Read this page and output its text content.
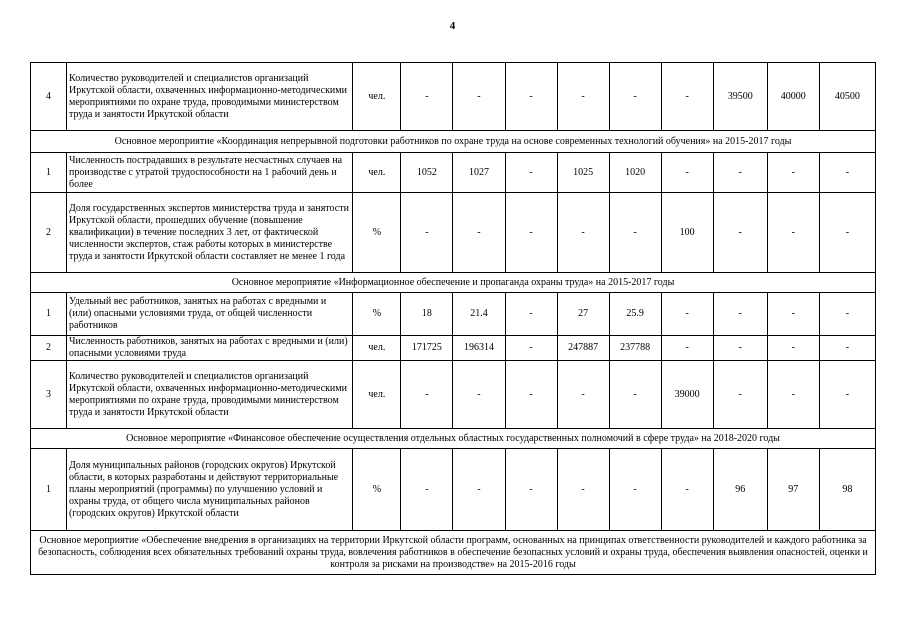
4
4	Количество руководителей и специалистов организаций Иркутской области, охваченных информационно-методическими мероприятиями по охране труда, проводимыми министерством труда и занятости Иркутской области	чел.	-	-	-	-	-	-	39500	40000	40500
Основное мероприятие «Координация непрерывной подготовки работников по охране труда на основе современных технологий обучения» на 2015-2017 годы											
1	Численность пострадавших в результате несчастных случаев на производстве с утратой трудоспособности на 1 рабочий день и более	чел.	1052	1027	-	1025	1020	-	-	-	-
2	Доля государственных экспертов министерства труда и занятости Иркутской области, прошедших обучение (повышение квалификации) в течение последних 3 лет, от фактической численности экспертов, стаж работы которых в министерстве труда и занятости Иркутской области составляет не менее 1 года	%	-	-	-	-	-	100	-	-	-
Основное мероприятие «Информационное обеспечение и пропаганда охраны труда» на 2015-2017 годы											
1	Удельный вес работников, занятых на работах с вредными и (или) опасными условиями труда, от общей численности работников	%	18	21.4	-	27	25.9	-	-	-	-
2	Численность работников, занятых на работах с вредными и (или) опасными условиями труда	чел.	171725	196314	-	247887	237788	-	-	-	-
3	Количество руководителей и специалистов организаций Иркутской области, охваченных информационно-методическими мероприятиями по охране труда, проводимыми министерством труда и занятости Иркутской области	чел.	-	-	-	-	-	39000	-	-	-
Основное мероприятие «Финансовое обеспечение осуществления отдельных областных государственных полномочий в сфере труда» на 2018-2020 годы											
1	Доля муниципальных районов (городских округов) Иркутской области, в которых разработаны и действуют территориальные планы мероприятий (программы) по улучшению условий и охраны труда, от общего числа муниципальных районов (городских округов) Иркутской области	%	-	-	-	-	-	-	96	97	98
Основное мероприятие «Обеспечение внедрения в организациях на территории Иркутской области программ, основанных на принципах ответственности руководителей и каждого работника за безопасность, соблюдения всех обязательных требований охраны труда, вовлечения работников в обеспечение безопасных условий и охраны труда, обеспечения выявления опасностей, оценки и контроля за рисками на производстве» на 2015-2016 годы											
